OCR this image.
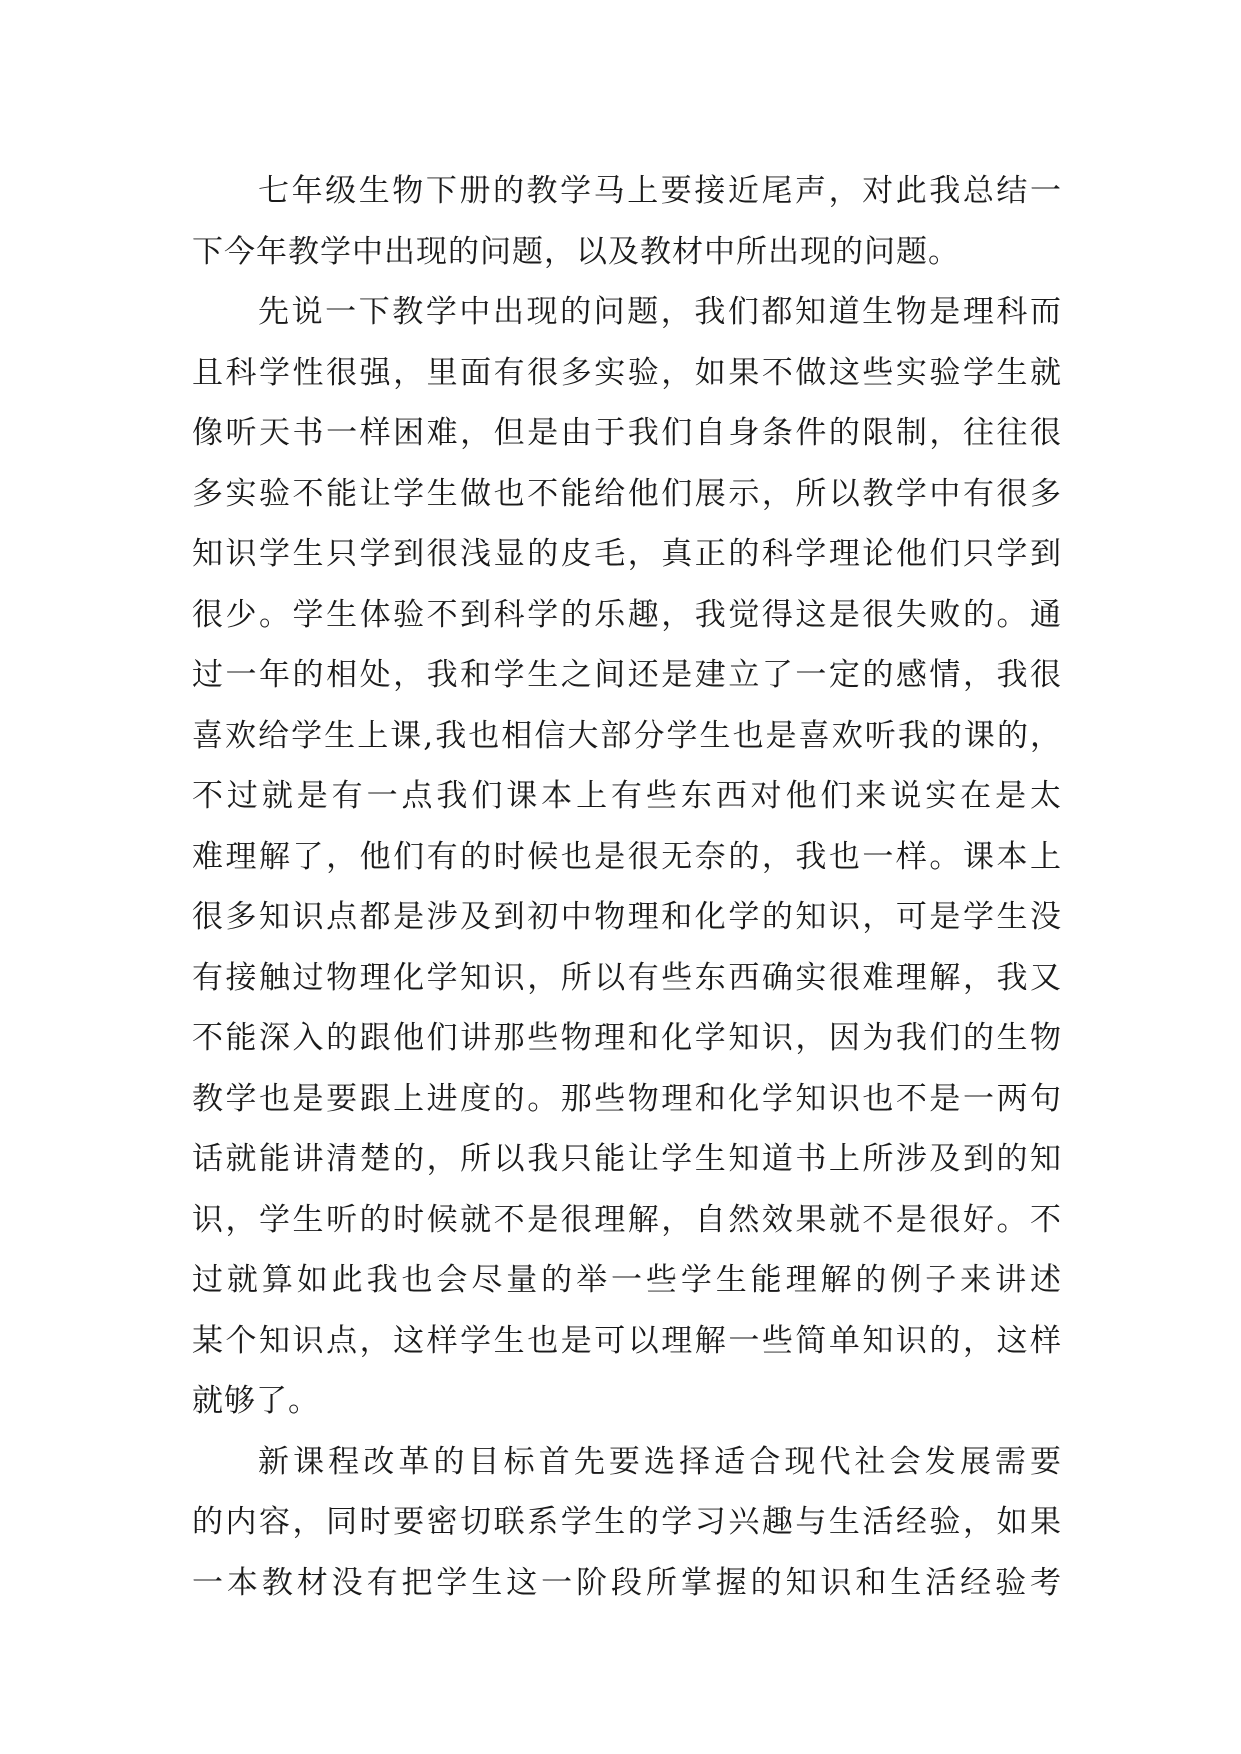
七年级生物下册的教学马上要接近尾声，对此我总结一
下今年教学中出现的问题，以及教材中所出现的问题。
先说一下教学中出现的问题，我们都知道生物是理科而
且科学性很强，里面有很多实验，如果不做这些实验学生就
像听天书一样困难，但是由于我们自身条件的限制，往往很
多实验不能让学生做也不能给他们展示，所以教学中有很多
知识学生只学到很浅显的皮毛，真正的科学理论他们只学到
很少。学生体验不到科学的乐趣，我觉得这是很失败的。通
过一年的相处，我和学生之间还是建立了一定的感情，我很
喜欢给学生上课,我也相信大部分学生也是喜欢听我的课的，
不过就是有一点我们课本上有些东西对他们来说实在是太
难理解了，他们有的时候也是很无奈的，我也一样。课本上
很多知识点都是涉及到初中物理和化学的知识，可是学生没
有接触过物理化学知识，所以有些东西确实很难理解，我又
不能深入的跟他们讲那些物理和化学知识，因为我们的生物
教学也是要跟上进度的。那些物理和化学知识也不是一两句
话就能讲清楚的，所以我只能让学生知道书上所涉及到的知
识，学生听的时候就不是很理解，自然效果就不是很好。不
过就算如此我也会尽量的举一些学生能理解的例子来讲述
某个知识点，这样学生也是可以理解一些简单知识的，这样
就够了。
新课程改革的目标首先要选择适合现代社会发展需要
的内容，同时要密切联系学生的学习兴趣与生活经验，如果
一本教材没有把学生这一阶段所掌握的知识和生活经验考
